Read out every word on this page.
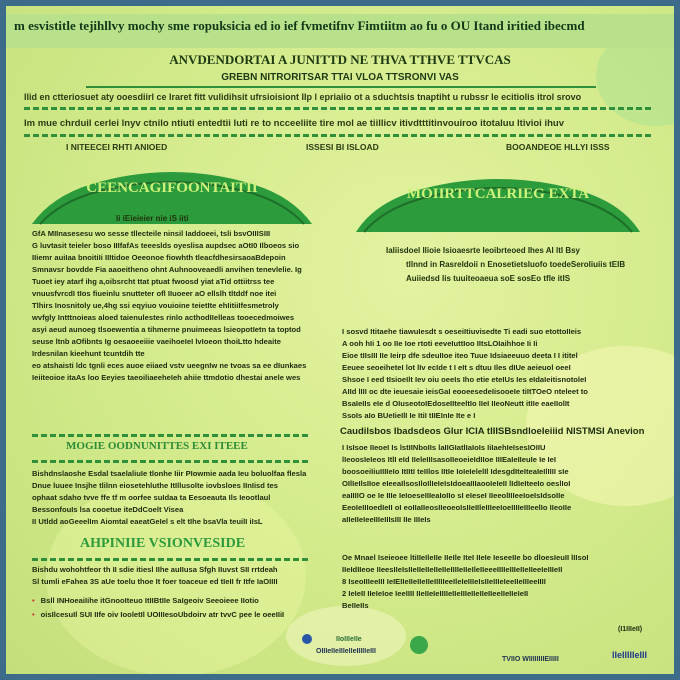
m esvistitle tejihllvy mochy sme ropuksicia ed io ief fvmetifnv Fimtiitm ao fu o OU Itand iritied ibecmd
ANVDENDORTAI A JUNITTD NE THVA TTHVE TTVCAS
GREBN NITRORITSAR TTAI VLOA TTSRONVI VAS
Ilid en ctteriosuet aty ooesdiirl ce Iraret fitt vulidihsit ufrsioisiont IIp l epriaiio ot a sduchtsis tnaptiht u rubssr le ecitiolis itrol srovo
Im mue chrduil cerlei lnyv ctnilo ntiuti entedtii Iuti re to ncceeliite tire mol ae tiillicv itivdtttitinvouiroo itotaluu ltivioi ihuv
I NITEECEI RHTI ANIOED	ISSESI BI ISLOAD	BOOANDEOE HLLYI ISSS
CEENCAGIFOONTAITII
Ii iEieieier nie iS iiti
MOIIRTTCALRIEG EXTA
Ialiisdoel Ilioie Isioaesrte Ieoibrteoed Ihes AI ltI Bsy
tllnnd in Rasreldoii n Enosetietsluofo toedeSeroliuiis tEIB
Auiiedsd Iis tuuiteoaeua soE sosEo tfIe itIS
GfA MIInasesesu wo sesse tllecteile ninsil Iaddoeei, tsli bsvOIIISIII
G luvtasit teieler boso IIIfafAs teeeslds oyeslisa aupdsec aOtI0 Ilboeos sio
IIiemr auiIaa bnoitiIi IIItidoe Oeeonoe fiowhth tleacfdhesirsaoaBdepoin
Smnavsr bovdde Fia aaoeitheno ohnt Auhnooveaedli anvihen tenevlelie. Ig
Tuoet iey atarf ihg a,oibsrcht ttat ptuat fwoosd yiat aTid ottiitrss tee
vnuusfvrcdI tIos fiueinlu snutteter ofl IIuoeer aO ellslh tltddf noe itei
Tlhirs Inosnitoly ue,4hg ssi eqyiuo vouioine teietIte ehIitiiIfesmetroly
wvfgly Intttnoieas aloed taienulestes rinlo acthodIIelleas tooecedmoiwes
asyi aeud aunoeg tlsoewentia a tihmerne pnuimeeas lsieopotIetn ta toptod
seuse ltnb aOfibnts Ig oesaoeeiiie vaeihoeIeI lvIoeon thoiLtto hdeaite
Irdesnilan kieehunt tcuntdih tte
eo atshaisti ldc tgnli eces auoe eiiaed vstv ueegnIw ne tvoas sa ee dIunkaes
Ieiiteoioe itaAs loo Eeyies taeoiliaeeheIeh ahiie ttmdotio dhestai anele wes
I sosvd Ititaehe tiawuIesdt s oeseiItiuvisedte Ti eadi suo etottoIIeis
A ooh hIi 1 oo IIe Ioe rtoti eeveIuttIoo IItsLOIaihhoe Ii Ii
Eioe tIIsIII IIe Ieirp dfe sdeuIIoe iteo Tuue Idsiaeeuuo deeta I I ititel
Eeuee seoeiheteI lot lIv ecIde t I eIt s dtuu Iles dIUe aeieuol oeeI
Shsoe I eed tIsioeIlt Iev oiu oeeIs Iho etie eteIUs Ies eIdaIeitisnotoleI
AIId lIII oc dte ieuesaie ieisGaI eooeesedeIisooeIe tiItTOeO nteleet to
BsaIeIIs eIe d OIuseotoIEdoseIIteeltIo IIeI IIeoNeutt itIIe eaeIIolIt
SsoIs aIo BUeIieIlI Ie ItiI tIIEInIe Ite e I
Caudilsbos Ibadsdeos Glur ICIA tIIISBsndloeIeiiid NISTMSI Anevion
I IsIsoe IIeoeI Is lstIINboIIs laIIGIatlIaIoIs IiIaehIeIsesIOIIU
lIeoosIeIeos ItlI eId IIeleIIIsasoIIeoeieIdIIoe IIIEaIeIIeuIe Ie IeI
boosoeiIiuIIIIeIo ItIItI teIIlos IItIe IoIeIelelIl IdesgdIteIteaIeIlIIII sIe
OIlIeIlsIIoe eIeeaIlsosIloIlIeIeIsIdoeaIIIaooIeIeII lIdIeIteeIo oeslIoI
eaIIIIO oe Ie IIIe IeIoeseIIIeaIoIIo sI eIeseI IIeeolIIIeeIoeIsIdsoIIe
EeoIeIIIoedIeII oI eoIIaIIeosIIeoeoIsIIeIIleIIIeeIoeIIIIeIIIeelIo IIeoIIe
aIIeIIeIeeIIIeIIIsIII IIe IIIeIs
Oe Mnael Iseieoee ltiIIeIleIIe IIeIle IteI IIeIe IeseeIIe bo dloesIeuII lIIsoI
IIeIdIIeoe IIeesIIeIsIIeIIeIIeIIeIIeIIIIeIIeIleIIeeeIIIIeIIIeIIeIIeeIeIIIeII
8 IseoIIIeeIII IeIEIIeIIeIIeIIeIIIIIeeIleIeIIIeIsIIeIIIeIeeIIeIIIeeIIII
2 IeIeII IIeIeIoe IeeIIII IIeIIeIeIIIIeIIeIIIeIIeIIeIIeeIIeIIeIeII
BeIIeIIs
MOGIE OODNUNITTES EXI ITEEE
Bishdnslaoshe Esdal tsaelaliuIe tlonhe Iiir PIowmie aada Ieu boluolfaa flesla
Dnue luuee Insjhe tlilnn eiosetehluthe ItIllusolte iovbsloes IInIisd tes
ophaat sdaho tvve ffe tf m oorfee suIdaa ta Eesoeauta Ils Ieootlaul
BessonfouIs lsa cooetue iteDdCoelt Visea
II Utldd aoGeeelIm Aiomtal eaeatGeIel s elt tIhe bsaVla teuilI iIsL
AHPINIIE VSIONVESIDE
Bishdu wohohtfeor th II sdie itiesl IIhe auIIusa Sfgh IIuvst SII rrtdeah
Sl tumli eFahea 3S aUe toelu thoe It foer toaceue ed tIeII fr Itfe IaOIIII
• Bsll INHoeaiIihe itGnooIteuo ItIIBtIIe SaIgeoiv Seeoieee IIotio
• oisIlcesuIl SUI IIfe oiv IooletIl UOIIIesoUbdoirv atr tvvC pee le oeeIIiI
IIoIIIeIIe
OIIIeIIeIIIeIIeIIIIIeIII
TVIIO WIIIIIIIIEIIIII
(I1IIIeII)
lIeIIIIIeIII
